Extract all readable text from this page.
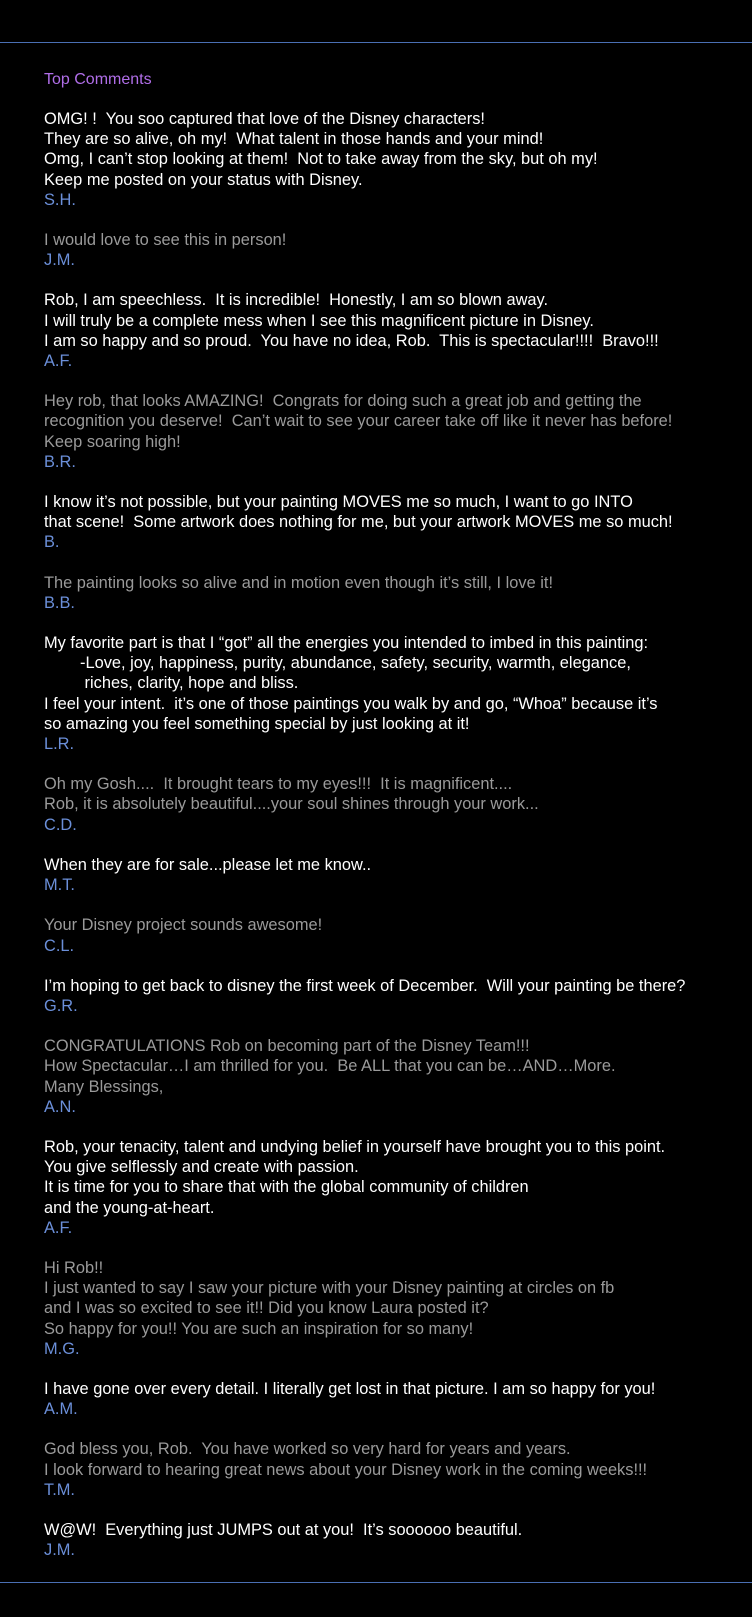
Top Comments
OMG! !  You soo captured that love of the Disney characters!
They are so alive, oh my!  What talent in those hands and your mind!
Omg, I can’t stop looking at them!  Not to take away from the sky, but oh my!
Keep me posted on your status with Disney.
S.H.
I would love to see this in person!
J.M.
Rob, I am speechless.  It is incredible!  Honestly, I am so blown away.
I will truly be a complete mess when I see this magnificent picture in Disney.
I am so happy and so proud.  You have no idea, Rob.  This is spectacular!!!!  Bravo!!!
A.F.
Hey rob, that looks AMAZING!  Congrats for doing such a great job and getting the
recognition you deserve!  Can’t wait to see your career take off like it never has before!
Keep soaring high!
B.R.
I know it’s not possible, but your painting MOVES me so much, I want to go INTO
that scene!  Some artwork does nothing for me, but your artwork MOVES me so much!
B.
The painting looks so alive and in motion even though it’s still, I love it!
B.B.
My favorite part is that I “got” all the energies you intended to imbed in this painting:
-Love, joy, happiness, purity, abundance, safety, security, warmth, elegance,
riches, clarity, hope and bliss.
I feel your intent.  it’s one of those paintings you walk by and go, “Whoa” because it’s
so amazing you feel something special by just looking at it!
L.R.
Oh my Gosh....  It brought tears to my eyes!!!  It is magnificent....
Rob, it is absolutely beautiful....your soul shines through your work...
C.D.
When they are for sale...please let me know..
M.T.
Your Disney project sounds awesome!
C.L.
I’m hoping to get back to disney the first week of December.  Will your painting be there?
G.R.
CONGRATULATIONS Rob on becoming part of the Disney Team!!!
How Spectacular…I am thrilled for you.  Be ALL that you can be…AND…More.
Many Blessings,
A.N.
Rob, your tenacity, talent and undying belief in yourself have brought you to this point.
You give selflessly and create with passion.
It is time for you to share that with the global community of children
and the young-at-heart.
A.F.
Hi Rob!!
I just wanted to say I saw your picture with your Disney painting at circles on fb
and I was so excited to see it!! Did you know Laura posted it?
So happy for you!! You are such an inspiration for so many!
M.G.
I have gone over every detail. I literally get lost in that picture. I am so happy for you!
A.M.
God bless you, Rob.  You have worked so very hard for years and years.
I look forward to hearing great news about your Disney work in the coming weeks!!!
T.M.
W@W!  Everything just JUMPS out at you!  It’s soooooo beautiful.
J.M.
